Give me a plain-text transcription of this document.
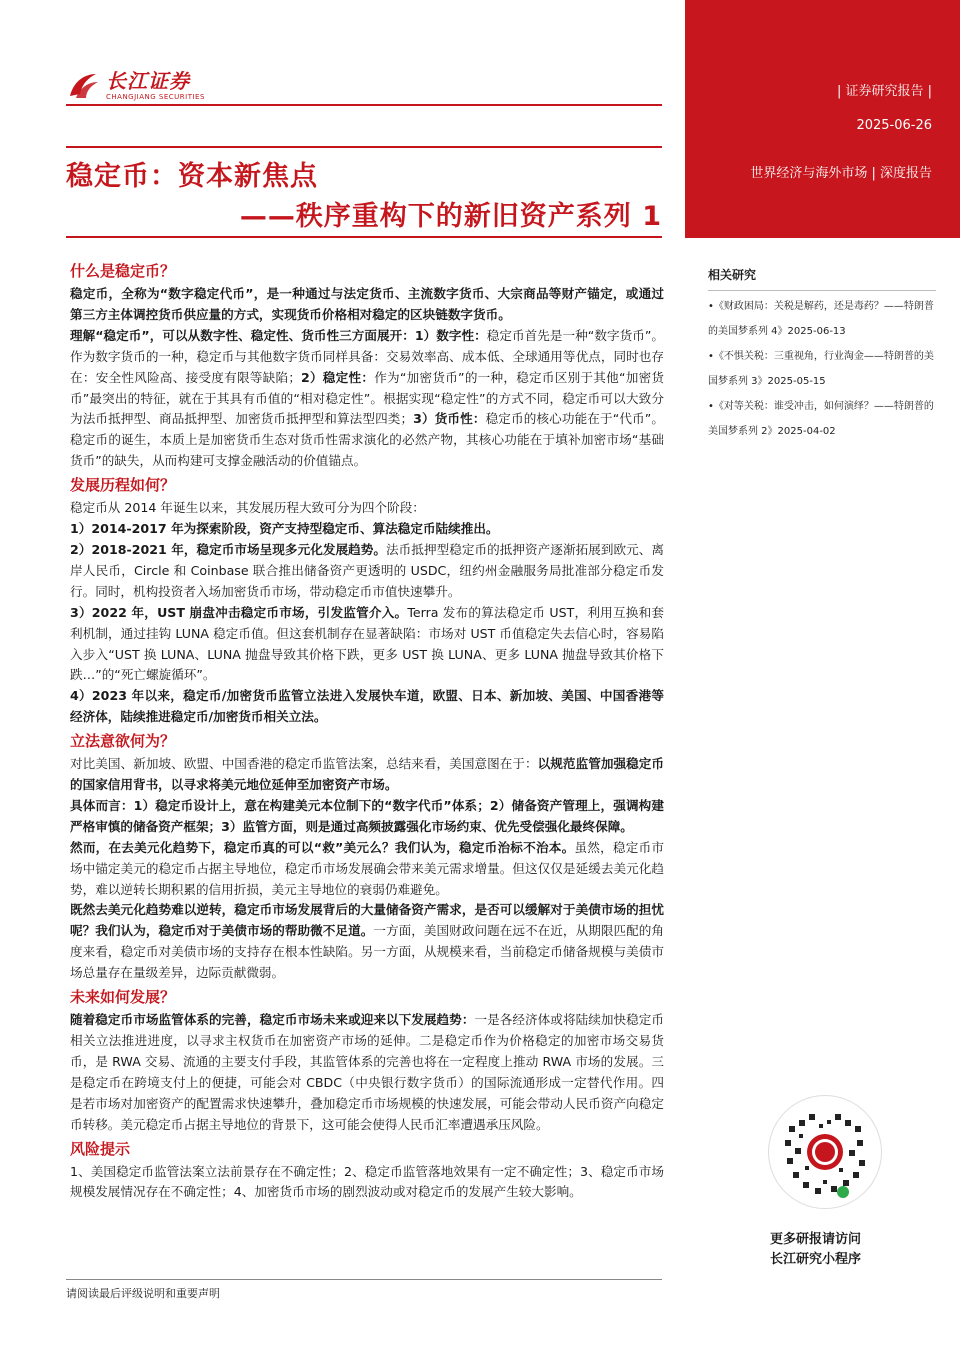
长江证券
CHANGJIANG SECURITIES
稳定币：资本新焦点
——秩序重构下的新旧资产系列 1
| 证券研究报告 |
2025-06-26
世界经济与海外市场 | 深度报告
相关研究
•《财政困局：关税是解药，还是毒药？——特朗普的美国梦系列 4》2025-06-13
•《不惧关税：三重视角，行业淘金——特朗普的美国梦系列 3》2025-05-15
•《对等关税：谁受冲击，如何演绎？——特朗普的美国梦系列 2》2025-04-02
更多研报请访问
长江研究小程序
什么是稳定币？

稳定币，全称为“数字稳定代币”，是一种通过与法定货币、主流数字货币、大宗商品等财产锚定，或通过第三方主体调控货币供应量的方式，实现货币价格相对稳定的区块链数字货币。

理解“稳定币”，可以从数字性、稳定性、货币性三方面展开：1）数字性：稳定币首先是一种“数字货币”。作为数字货币的一种，稳定币与其他数字货币同样具备：交易效率高、成本低、全球通用等优点，同时也存在：安全性风险高、接受度有限等缺陷；2）稳定性：作为“加密货币”的一种，稳定币区别于其他“加密货币”最突出的特征，就在于其具有币值的“相对稳定性”。根据实现“稳定性”的方式不同，稳定币可以大致分为法币抵押型、商品抵押型、加密货币抵押型和算法型四类；3）货币性：稳定币的核心功能在于“代币”。稳定币的诞生，本质上是加密货币生态对货币性需求演化的必然产物，其核心功能在于填补加密市场“基础货币”的缺失，从而构建可支撑金融活动的价值锚点。

发展历程如何？

稳定币从 2014 年诞生以来，其发展历程大致可分为四个阶段：

1）2014-2017 年为探索阶段，资产支持型稳定币、算法稳定币陆续推出。

2）2018-2021 年，稳定币市场呈现多元化发展趋势。法币抵押型稳定币的抵押资产逐渐拓展到欧元、离岸人民币，Circle 和 Coinbase 联合推出储备资产更透明的 USDC，纽约州金融服务局批准部分稳定币发行。同时，机构投资者入场加密货币市场，带动稳定币市值快速攀升。

3）2022 年，UST 崩盘冲击稳定币市场，引发监管介入。Terra 发布的算法稳定币 UST，利用互换和套利机制，通过挂钩 LUNA 稳定币值。但这套机制存在显著缺陷：市场对 UST 币值稳定失去信心时，容易陷入步入“UST 换 LUNA、LUNA 抛盘导致其价格下跌，更多 UST 换 LUNA、更多 LUNA 抛盘导致其价格下跌…”的“死亡螺旋循环”。

4）2023 年以来，稳定币/加密货币监管立法进入发展快车道，欧盟、日本、新加坡、美国、中国香港等经济体，陆续推进稳定币/加密货币相关立法。

立法意欲何为？

对比美国、新加坡、欧盟、中国香港的稳定币监管法案，总结来看，美国意图在于：以规范监管加强稳定币的国家信用背书，以寻求将美元地位延伸至加密资产市场。

具体而言：1）稳定币设计上，意在构建美元本位制下的“数字代币”体系；2）储备资产管理上，强调构建严格审慎的储备资产框架；3）监管方面，则是通过高频披露强化市场约束、优先受偿强化最终保障。

然而，在去美元化趋势下，稳定币真的可以“救”美元么？我们认为，稳定币治标不治本。虽然，稳定币市场中锚定美元的稳定币占据主导地位，稳定币市场发展确会带来美元需求增量。但这仅仅是延缓去美元化趋势，难以逆转长期积累的信用折损，美元主导地位的衰弱仍难避免。

既然去美元化趋势难以逆转，稳定币市场发展背后的大量储备资产需求，是否可以缓解对于美债市场的担忧呢？我们认为，稳定币对于美债市场的帮助微不足道。一方面，美国财政问题在远不在近，从期限匹配的角度来看，稳定币对美债市场的支持存在根本性缺陷。另一方面，从规模来看，当前稳定币储备规模与美债市场总量存在量级差异，边际贡献微弱。

未来如何发展？

随着稳定币市场监管体系的完善，稳定币市场未来或迎来以下发展趋势：一是各经济体或将陆续加快稳定币相关立法推进进度，以寻求主权货币在加密资产市场的延伸。二是稳定币作为价格稳定的加密市场交易货币，是 RWA 交易、流通的主要支付手段，其监管体系的完善也将在一定程度上推动 RWA 市场的发展。三是稳定币在跨境支付上的便捷，可能会对 CBDC（中央银行数字货币）的国际流通形成一定替代作用。四是若市场对加密资产的配置需求快速攀升，叠加稳定币市场规模的快速发展，可能会带动人民币资产向稳定币转移。美元稳定币占据主导地位的背景下，这可能会使得人民币汇率遭遇承压风险。

风险提示

1、美国稳定币监管法案立法前景存在不确定性；2、稳定币监管落地效果有一定不确定性；3、稳定币市场规模发展情况存在不确定性；4、加密货币市场的剧烈波动或对稳定币的发展产生较大影响。

请阅读最后评级说明和重要声明
